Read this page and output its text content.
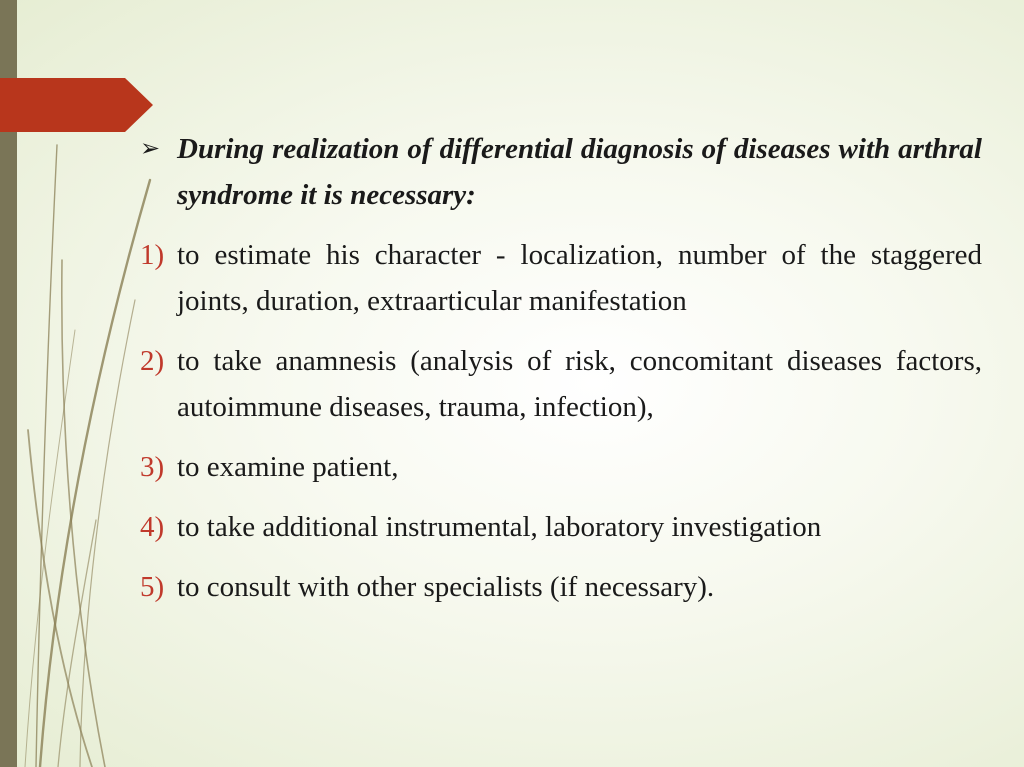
➢ During realization of differential diagnosis of diseases with arthral syndrome it is necessary:
1) to estimate his character - localization, number of the staggered joints, duration, extraarticular manifestation
2) to take anamnesis (analysis of risk, concomitant diseases factors, autoimmune diseases, trauma, infection),
3) to examine patient,
4) to take additional instrumental, laboratory investigation
5) to consult with other specialists (if necessary).
